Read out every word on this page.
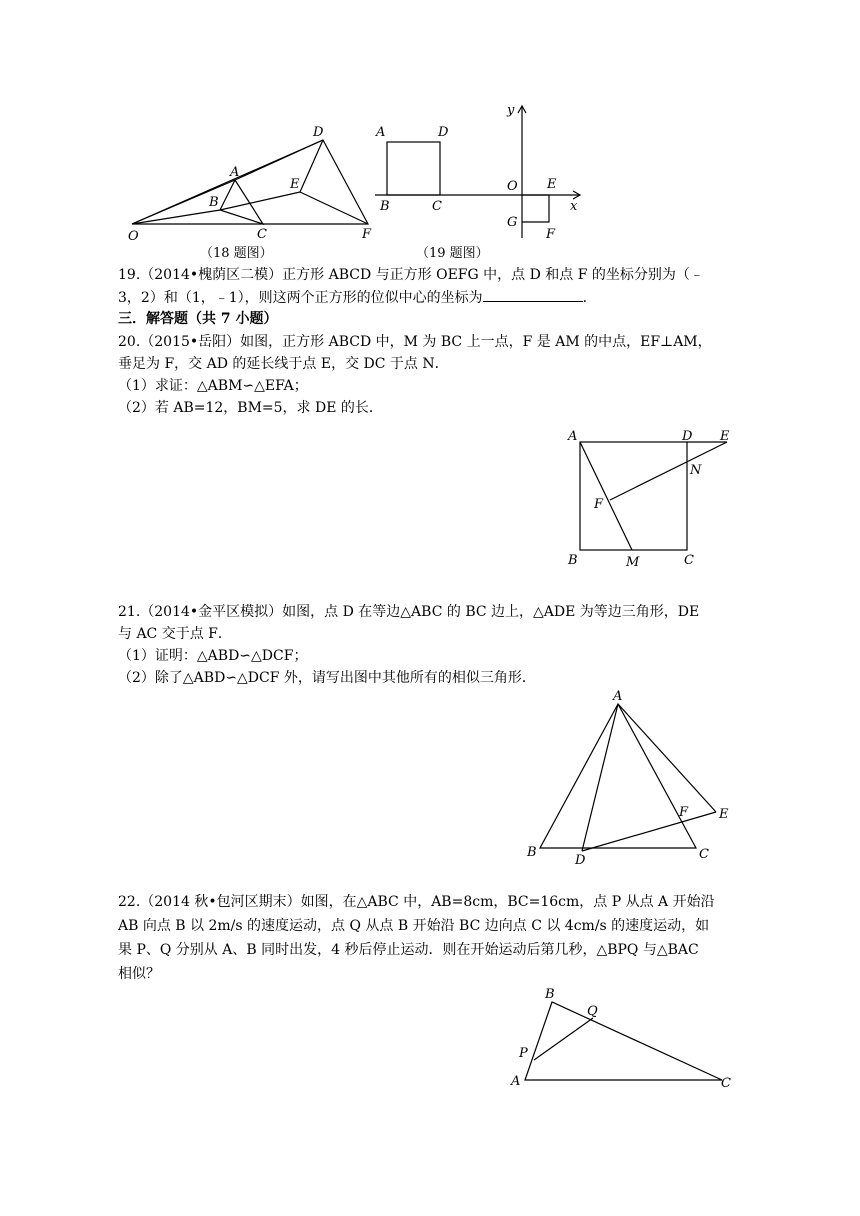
O
A
B
C
D
E
F
（18 题图）
y
A	D
O E
x
B	C
G
F
（19 题图）
19.（2014•槐荫区二模）正方形 ABCD 与正方形 OEFG 中，点 D 和点 F 的坐标分别为（﹣
3，2）和（1，﹣1），则这两个正方形的位似中心的坐标为	.
三．解答题（共 7 小题）
20.（2015•岳阳）如图，正方形 ABCD 中，M 为 BC 上一点，F 是 AM 的中点，EF⊥AM，
垂足为 F，交 AD 的延长线于点 E，交 DC 于点 N．
（1）求证：△ABM∽△EFA；
（2）若 AB=12，BM=5，求 DE 的长．
A	D E
N
F
B	M	C
21.（2014•金平区模拟）如图，点 D 在等边△ABC 的 BC 边上，△ADE 为等边三角形，DE
与 AC 交于点 F．
（1）证明：△ABD∽△DCF；
（2）除了△ABD∽△DCF 外，请写出图中其他所有的相似三角形．
A
F E
B
D	C
22.（2014 秋•包河区期末）如图，在△ABC 中，AB=8cm，BC=16cm，点 P 从点 A 开始沿
AB 向点 B 以 2m/s 的速度运动，点 Q 从点 B 开始沿 BC 边向点 C 以 4cm/s 的速度运动，如
果 P、Q 分别从 A、B 同时出发，4 秒后停止运动．则在开始运动后第几秒，△BPQ 与△BAC
相似？
B
Q
P
A	C
